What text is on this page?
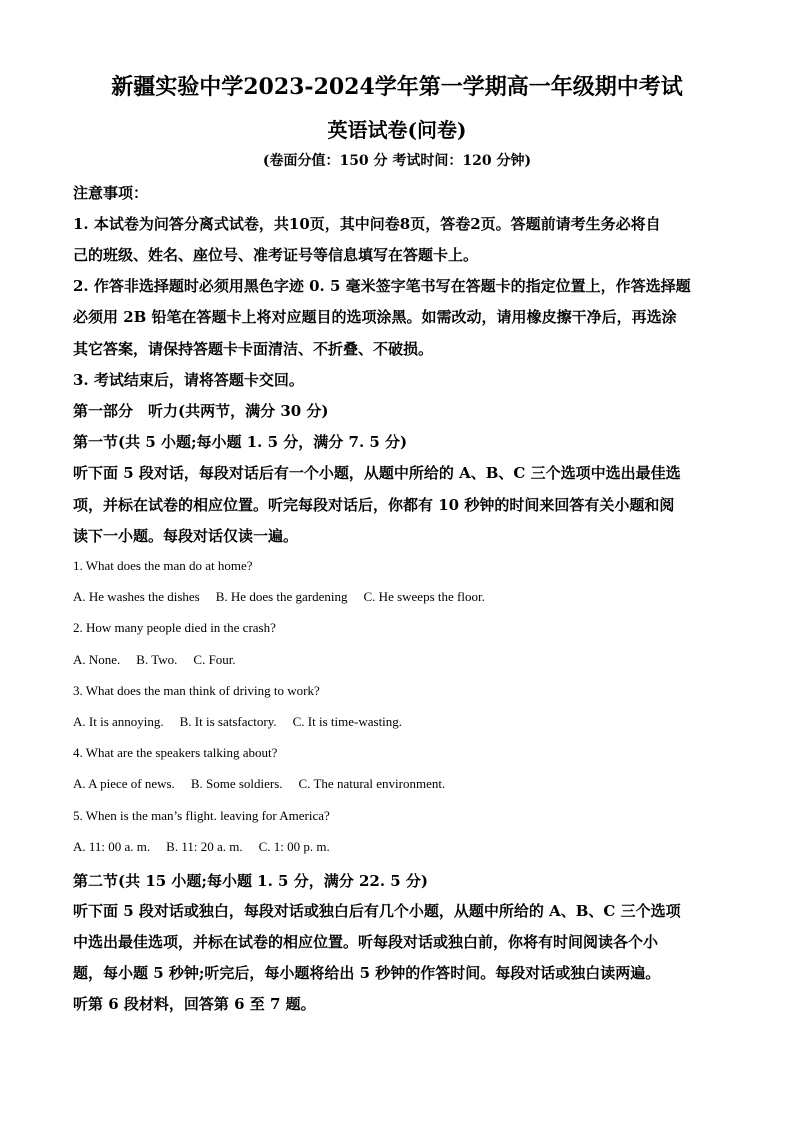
新疆实验中学2023-2024学年第一学期高一年级期中考试
英语试卷(问卷)
(卷面分值：150 分 考试时间：120 分钟)
注意事项：
1. 本试卷为问答分离式试卷，共10页，其中问卷8页，答卷2页。答题前请考生务必将自
己的班级、姓名、座位号、准考证号等信息填写在答题卡上。
2. 作答非选择题时必须用黑色字迹 0. 5 毫米签字笔书写在答题卡的指定位置上，作答选择题
必须用 2B 铅笔在答题卡上将对应题目的选项涂黑。如需改动，请用橡皮擦干净后，再选涂
其它答案，请保持答题卡卡面清洁、不折叠、不破损。
3. 考试结束后，请将答题卡交回。
第一部分　听力(共两节，满分 30 分)
第一节(共 5 小题;每小题 1. 5 分，满分 7. 5 分)
听下面 5 段对话，每段对话后有一个小题，从题中所给的 A、B、C 三个选项中选出最佳选
项，并标在试卷的相应位置。听完每段对话后，你都有 10 秒钟的时间来回答有关小题和阅
读下一小题。每段对话仅读一遍。
1. What does the man do at home?
A. He washes the dishes B. He does the gardening C. He sweeps the floor.
2. How many people died in the crash?
A. None. B. Two. C. Four.
3. What does the man think of driving to work?
A. It is annoying. B. It is satsfactory. C. It is time-wasting.
4. What are the speakers talking about?
A. A piece of news. B. Some soldiers. C. The natural environment.
5. When is the man’s flight. leaving for America?
A. 11: 00 a. m. B. 11: 20 a. m. C. 1: 00 p. m.
第二节(共 15 小题;每小题 1. 5 分，满分 22. 5 分)
听下面 5 段对话或独白，每段对话或独白后有几个小题，从题中所给的 A、B、C 三个选项
中选出最佳选项，并标在试卷的相应位置。听每段对话或独白前，你将有时间阅读各个小
题，每小题 5 秒钟;听完后，每小题将给出 5 秒钟的作答时间。每段对话或独白读两遍。
听第 6 段材料，回答第 6 至 7 题。
